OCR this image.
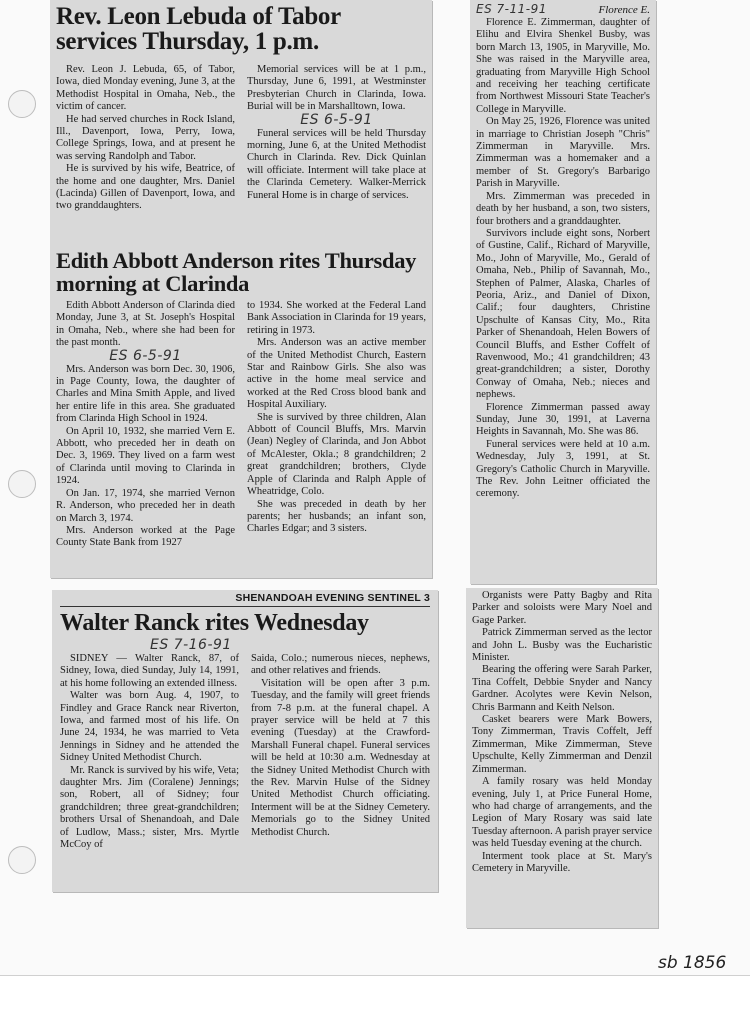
Rev. Leon Lebuda of Tabor services Thursday, 1 p.m.

Rev. Leon J. Lebuda, 65, of Tabor, Iowa, died Monday evening, June 3, at the Methodist Hospital in Omaha, Neb., the victim of cancer.

He had served churches in Rock Island, Ill., Davenport, Iowa, Perry, Iowa, College Springs, Iowa, and at present he was serving Randolph and Tabor.

He is survived by his wife, Beatrice, of the home and one daughter, Mrs. Daniel (Lacinda) Gillen of Davenport, Iowa, and two granddaughters.

Memorial services will be at 1 p.m., Thursday, June 6, 1991, at Westminster Presbyterian Church in Clarinda, Iowa. Burial will be in Marshalltown, Iowa.

ES 6-5-91

Funeral services will be held Thursday morning, June 6, at the United Methodist Church in Clarinda. Rev. Dick Quinlan will officiate. Interment will take place at the Clarinda Cemetery. Walker-Merrick Funeral Home is in charge of services.

Edith Abbott Anderson rites Thursday morning at Clarinda

Edith Abbott Anderson of Clarinda died Monday, June 3, at St. Joseph's Hospital in Omaha, Neb., where she had been for the past month.

ES 6-5-91

Mrs. Anderson was born Dec. 30, 1906, in Page County, Iowa, the daughter of Charles and Mina Smith Apple, and lived her entire life in this area. She graduated from Clarinda High School in 1924.

On April 10, 1932, she married Vern E. Abbott, who preceded her in death on Dec. 3, 1969. They lived on a farm west of Clarinda until moving to Clarinda in 1924.

On Jan. 17, 1974, she married Vernon R. Anderson, who preceded her in death on March 3, 1974.

Mrs. Anderson worked at the Page County State Bank from 1927

to 1934. She worked at the Federal Land Bank Association in Clarinda for 19 years, retiring in 1973.

Mrs. Anderson was an active member of the United Methodist Church, Eastern Star and Rainbow Girls. She also was active in the home meal service and worked at the Red Cross blood bank and Hospital Auxiliary.

She is survived by three children, Alan Abbott of Council Bluffs, Mrs. Marvin (Jean) Negley of Clarinda, and Jon Abbot of McAlester, Okla.; 8 grandchildren; 2 great grandchildren; brothers, Clyde Apple of Clarinda and Ralph Apple of Wheatridge, Colo.

She was preceded in death by her parents; her husbands; an infant son, Charles Edgar; and 3 sisters.

SHENANDOAH EVENING SENTINEL 3
Walter Ranck rites Wednesday
ES 7-16-91

SIDNEY — Walter Ranck, 87, of Sidney, Iowa, died Sunday, July 14, 1991, at his home following an extended illness.

Walter was born Aug. 4, 1907, to Findley and Grace Ranck near Riverton, Iowa, and farmed most of his life. On June 24, 1934, he was married to Veta Jennings in Sidney and he attended the Sidney United Methodist Church.

Mr. Ranck is survived by his wife, Veta; daughter Mrs. Jim (Coralene) Jennings; son, Robert, all of Sidney; four grandchildren; three great-grandchildren; brothers Ursal of Shenandoah, and Dale of Ludlow, Mass.; sister, Mrs. Myrtle McCoy of

Saida, Colo.; numerous nieces, nephews, and other relatives and friends.

Visitation will be open after 3 p.m. Tuesday, and the family will greet friends from 7-8 p.m. at the funeral chapel. A prayer service will be held at 7 this evening (Tuesday) at the Crawford-Marshall Funeral chapel. Funeral services will be held at 10:30 a.m. Wednesday at the Sidney United Methodist Church with the Rev. Marvin Hulse of the Sidney United Methodist Church officiating. Interment will be at the Sidney Cemetery. Memorials go to the Sidney United Methodist Church.

ES 7-11-91	Florence E.

Florence E. Zimmerman, daughter of Elihu and Elvira Shenkel Busby, was born March 13, 1905, in Maryville, Mo. She was raised in the Maryville area, graduating from Maryville High School and receiving her teaching certificate from Northwest Missouri State Teacher's College in Maryville.

On May 25, 1926, Florence was united in marriage to Christian Joseph "Chris" Zimmerman in Maryville. Mrs. Zimmerman was a homemaker and a member of St. Gregory's Barbarigo Parish in Maryville.

Mrs. Zimmerman was preceded in death by her husband, a son, two sisters, four brothers and a granddaughter.

Survivors include eight sons, Norbert of Gustine, Calif., Richard of Maryville, Mo., John of Maryville, Mo., Gerald of Omaha, Neb., Philip of Savannah, Mo., Stephen of Palmer, Alaska, Charles of Peoria, Ariz., and Daniel of Dixon, Calif.; four daughters, Christine Upschulte of Kansas City, Mo., Rita Parker of Shenandoah, Helen Bowers of Council Bluffs, and Esther Coffelt of Ravenwood, Mo.; 41 grandchildren; 43 great-grandchildren; a sister, Dorothy Conway of Omaha, Neb.; nieces and nephews.

Florence Zimmerman passed away Sunday, June 30, 1991, at Laverna Heights in Savannah, Mo. She was 86.

Funeral services were held at 10 a.m. Wednesday, July 3, 1991, at St. Gregory's Catholic Church in Maryville. The Rev. John Leitner officiated the ceremony.

Organists were Patty Bagby and Rita Parker and soloists were Mary Noel and Gage Parker.

Patrick Zimmerman served as the lector and John L. Busby was the Eucharistic Minister.

Bearing the offering were Sarah Parker, Tina Coffelt, Debbie Snyder and Nancy Gardner. Acolytes were Kevin Nelson, Chris Barmann and Keith Nelson.

Casket bearers were Mark Bowers, Tony Zimmerman, Travis Coffelt, Jeff Zimmerman, Mike Zimmerman, Steve Upschulte, Kelly Zimmerman and Denzil Zimmerman.

A family rosary was held Monday evening, July 1, at Price Funeral Home, who had charge of arrangements, and the Legion of Mary Rosary was said late Tuesday afternoon. A parish prayer service was held Tuesday evening at the church.

Interment took place at St. Mary's Cemetery in Maryville.

sb 1856
